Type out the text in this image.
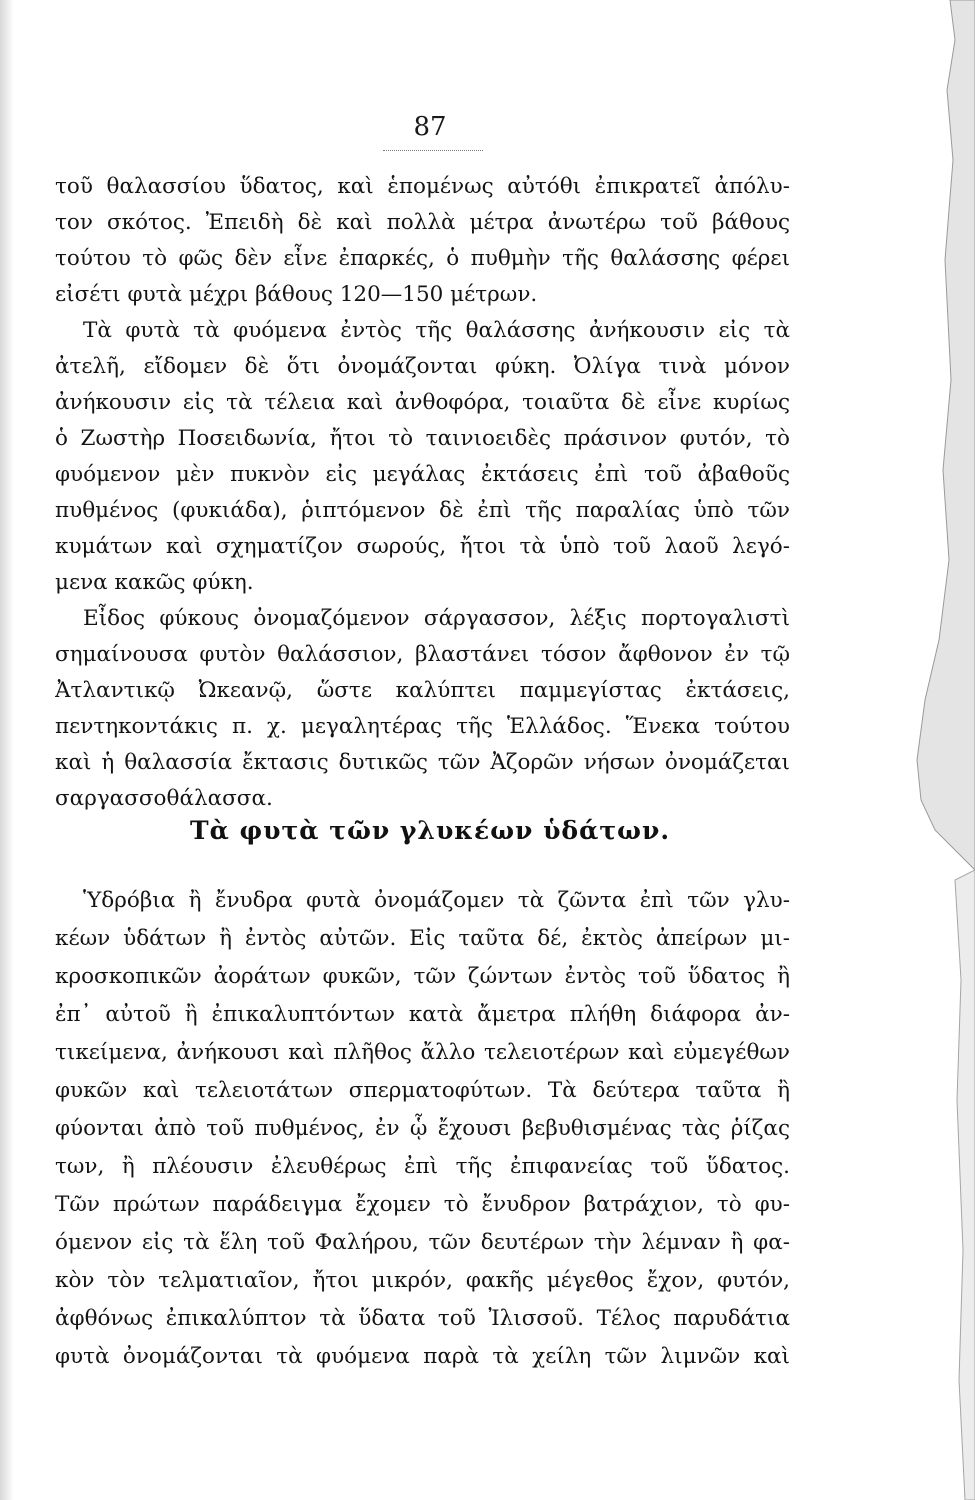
87
τοῦ θαλασσίου ὕδατος, καὶ ἑπομένως αὐτόθι ἐπικρατεῖ ἀπόλυ-
τον σκότος. Ἐπειδὴ δὲ καὶ πολλὰ μέτρα ἀνωτέρω τοῦ βάθους
τούτου τὸ φῶς δὲν εἶνε ἐπαρκές, ὁ πυθμὴν τῆς θαλάσσης φέρει
εἰσέτι φυτὰ μέχρι βάθους 120—150 μέτρων.
Τὰ φυτὰ τὰ φυόμενα ἐντὸς τῆς θαλάσσης ἀνήκουσιν εἰς τὰ
ἀτελῆ, εἴδομεν δὲ ὅτι ὀνομάζονται φύκη. Ὀλίγα τινὰ μόνον
ἀνήκουσιν εἰς τὰ τέλεια καὶ ἀνθοφόρα, τοιαῦτα δὲ εἶνε κυρίως
ὁ Ζωστὴρ Ποσειδωνία, ἤτοι τὸ ταινιοειδὲς πράσινον φυτόν, τὸ
φυόμενον μὲν πυκνὸν εἰς μεγάλας ἐκτάσεις ἐπὶ τοῦ ἀβαθοῦς
πυθμένος (φυκιάδα), ῥιπτόμενον δὲ ἐπὶ τῆς παραλίας ὑπὸ τῶν
κυμάτων καὶ σχηματίζον σωρούς, ἤτοι τὰ ὑπὸ τοῦ λαοῦ λεγό-
μενα κακῶς φύκη.
Εἶδος φύκους ὀνομαζόμενον σάργασσον, λέξις πορτογαλιστὶ
σημαίνουσα φυτὸν θαλάσσιον, βλαστάνει τόσον ἄφθονον ἐν τῷ
Ἀτλαντικῷ Ὠκεανῷ, ὥστε καλύπτει παμμεγίστας ἐκτάσεις,
πεντηκοντάκις π. χ. μεγαλητέρας τῆς Ἑλλάδος. Ἕνεκα τούτου
καὶ ἡ θαλασσία ἔκτασις δυτικῶς τῶν Ἀζορῶν νήσων ὀνομάζεται
σαργασσοθάλασσα.
Τὰ φυτὰ τῶν γλυκέων ὑδάτων.
Ὑδρόβια ἢ ἔνυδρα φυτὰ ὀνομάζομεν τὰ ζῶντα ἐπὶ τῶν γλυ-
κέων ὑδάτων ἢ ἐντὸς αὐτῶν. Εἰς ταῦτα δέ, ἐκτὸς ἀπείρων μι-
κροσκοπικῶν ἀοράτων φυκῶν, τῶν ζώντων ἐντὸς τοῦ ὕδατος ἢ
ἐπ᾽ αὐτοῦ ἢ ἐπικαλυπτόντων κατὰ ἄμετρα πλήθη διάφορα ἀν-
τικείμενα, ἀνήκουσι καὶ πλῆθος ἄλλο τελειοτέρων καὶ εὐμεγέθων
φυκῶν καὶ τελειοτάτων σπερματοφύτων. Τὰ δεύτερα ταῦτα ἢ
φύονται ἀπὸ τοῦ πυθμένος, ἐν ᾧ ἔχουσι βεβυθισμένας τὰς ῥίζας
των, ἢ πλέουσιν ἐλευθέρως ἐπὶ τῆς ἐπιφανείας τοῦ ὕδατος.
Τῶν πρώτων παράδειγμα ἔχομεν τὸ ἔνυδρον βατράχιον, τὸ φυ-
όμενον εἰς τὰ ἕλη τοῦ Φαλήρου, τῶν δευτέρων τὴν λέμναν ἢ φα-
κὸν τὸν τελματιαῖον, ἤτοι μικρόν, φακῆς μέγεθος ἔχον, φυτόν,
ἀφθόνως ἐπικαλύπτον τὰ ὕδατα τοῦ Ἰλισσοῦ. Τέλος παρυδάτια
φυτὰ ὀνομάζονται τὰ φυόμενα παρὰ τὰ χείλη τῶν λιμνῶν καὶ
